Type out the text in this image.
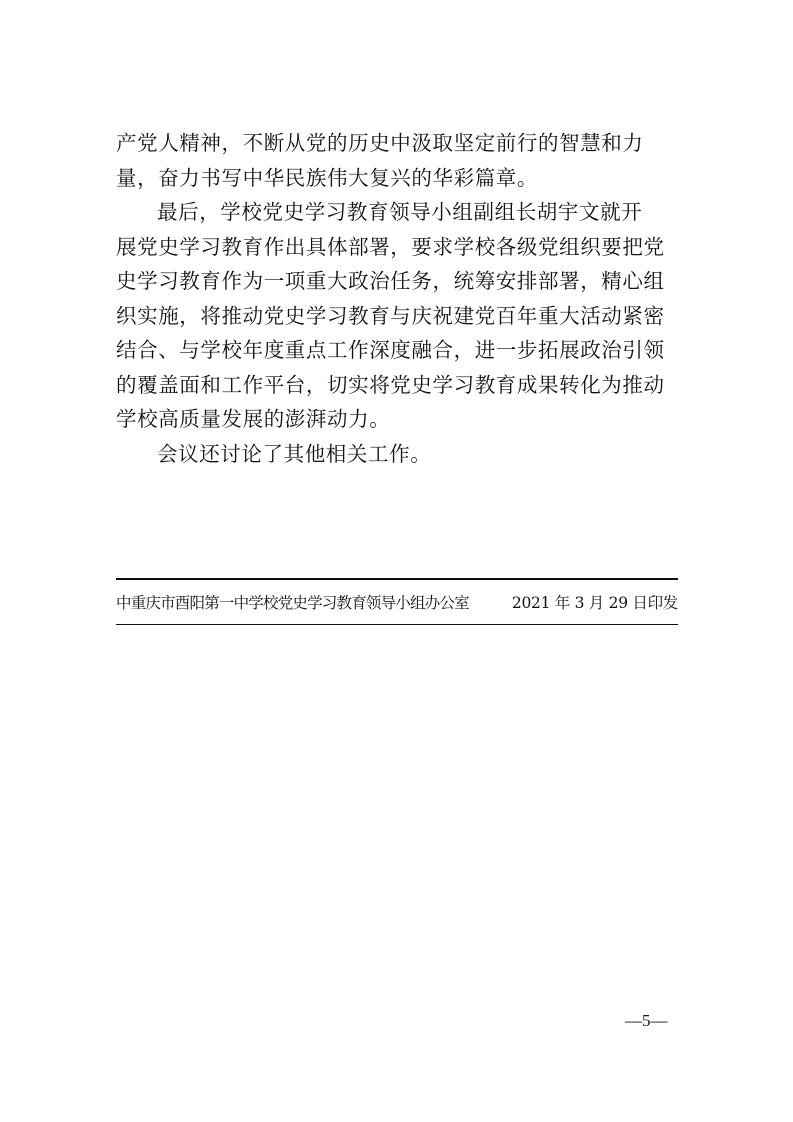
产党人精神，不断从党的历史中汲取坚定前行的智慧和力
量，奋力书写中华民族伟大复兴的华彩篇章。
最后，学校党史学习教育领导小组副组长胡宇文就开
展党史学习教育作出具体部署，要求学校各级党组织要把党
史学习教育作为一项重大政治任务，统筹安排部署，精心组
织实施，将推动党史学习教育与庆祝建党百年重大活动紧密
结合、与学校年度重点工作深度融合，进一步拓展政治引领
的覆盖面和工作平台，切实将党史学习教育成果转化为推动
学校高质量发展的澎湃动力。
会议还讨论了其他相关工作。
中重庆市酉阳第一中学校党史学习教育领导小组办公室	2021 年 3 月 29 日印发
—5—
